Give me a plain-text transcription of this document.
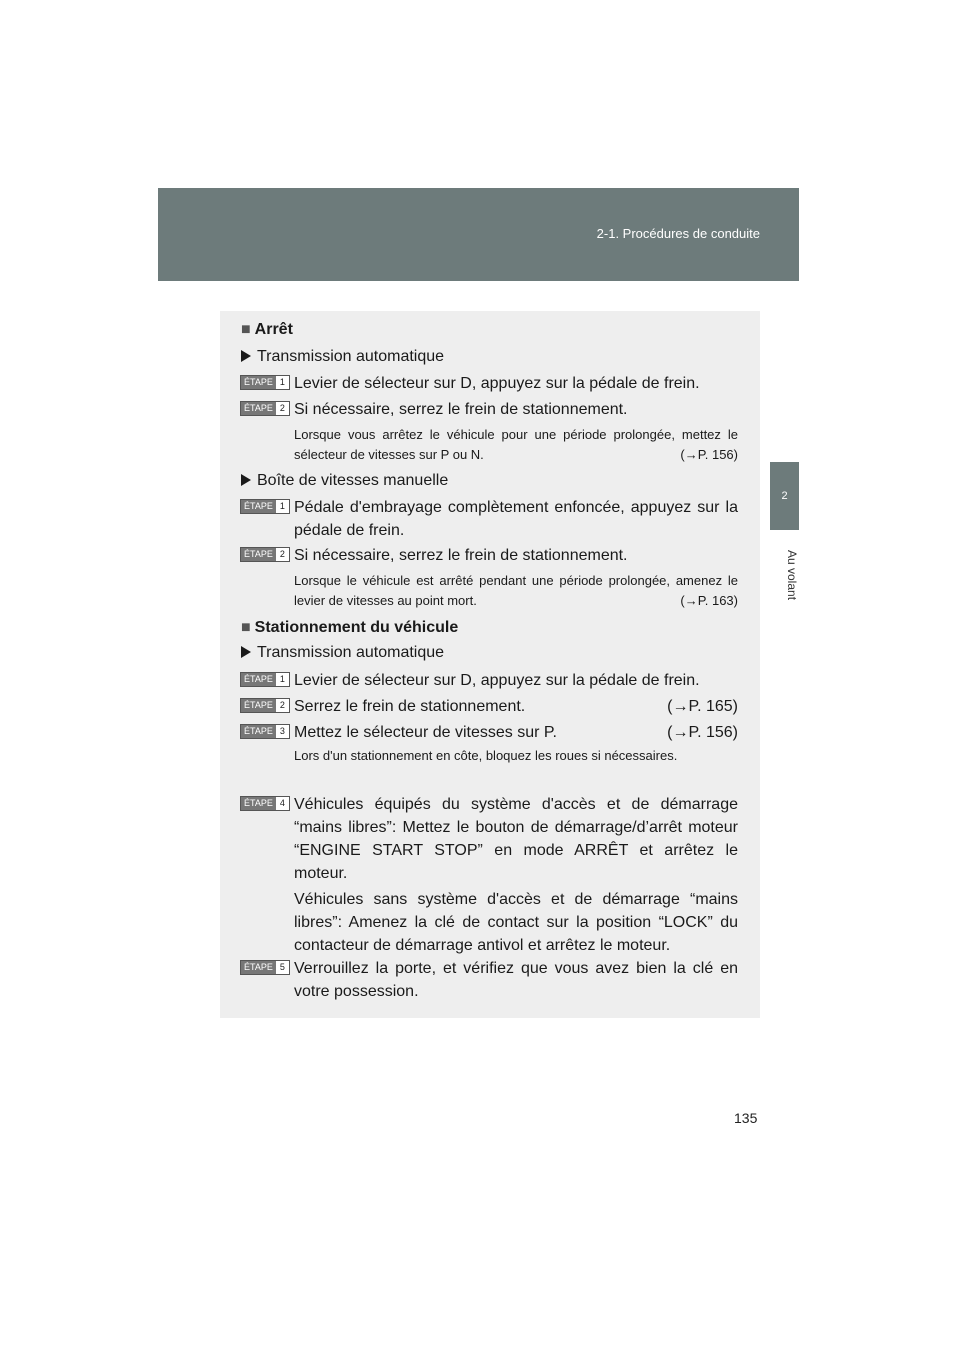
2-1. Procédures de conduite
2
Au volant
■ Arrêt
Transmission automatique
ÉTAPE 1 Levier de sélecteur sur D, appuyez sur la pédale de frein.
ÉTAPE 2 Si nécessaire, serrez le frein de stationnement.
Lorsque vous arrêtez le véhicule pour une période prolongée, mettez le sélecteur de vitesses sur P ou N.	(→P. 156)
Boîte de vitesses manuelle
ÉTAPE 1 Pédale d'embrayage complètement enfoncée, appuyez sur la pédale de frein.
ÉTAPE 2 Si nécessaire, serrez le frein de stationnement.
Lorsque le véhicule est arrêté pendant une période prolongée, amenez le levier de vitesses au point mort.	(→P. 163)
■ Stationnement du véhicule
Transmission automatique
ÉTAPE 1 Levier de sélecteur sur D, appuyez sur la pédale de frein.
ÉTAPE 2 Serrez le frein de stationnement.	(→P. 165)
ÉTAPE 3 Mettez le sélecteur de vitesses sur P.	(→P. 156)
Lors d'un stationnement en côte, bloquez les roues si nécessaires.
ÉTAPE 4 Véhicules équipés du système d'accès et de démarrage “mains libres”: Mettez le bouton de démarrage/d’arrêt moteur “ENGINE START STOP” en mode ARRÊT et arrêtez le moteur.
Véhicules sans système d'accès et de démarrage “mains libres”: Amenez la clé de contact sur la position “LOCK” du contacteur de démarrage antivol et arrêtez le moteur.
ÉTAPE 5 Verrouillez la porte, et vérifiez que vous avez bien la clé en votre possession.
135
